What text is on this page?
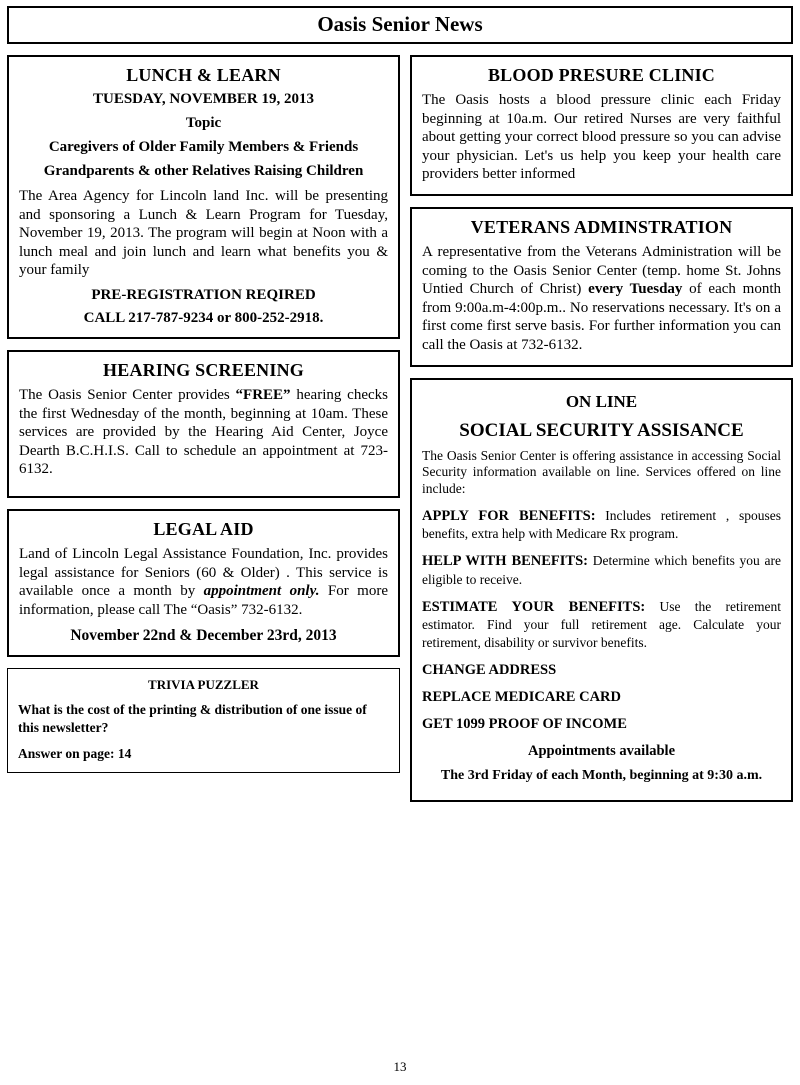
Oasis Senior News
LUNCH & LEARN
TUESDAY, NOVEMBER 19, 2013
Topic
Caregivers of Older Family Members & Friends
Grandparents & other Relatives Raising Children

The Area Agency for Lincoln land Inc. will be presenting and sponsoring a Lunch & Learn Program for Tuesday, November 19, 2013. The program will begin at Noon with a lunch meal and join lunch and learn what benefits you & your family

PRE-REGISTRATION REQIRED
CALL 217-787-9234 or 800-252-2918.
HEARING SCREENING

The Oasis Senior Center provides “FREE” hearing checks the first Wednesday of the month, beginning at 10am. These services are provided by the Hearing Aid Center, Joyce Dearth B.C.H.I.S. Call to schedule an appointment at 723-6132.

LEGAL AID

Land of Lincoln Legal Assistance Foundation, Inc. provides legal assistance for Seniors (60 & Older) . This service is available once a month by appointment only. For more information, please call The “Oasis” 732-6132.

November 22nd & December 23rd, 2013
TRIVIA PUZZLER

What is the cost of the printing & distribution of one issue of this newsletter?

Answer on page: 14
BLOOD PRESURE CLINIC

The Oasis hosts a blood pressure clinic each Friday beginning at 10a.m. Our retired Nurses are very faithful about getting your correct blood pressure so you can advise your physician. Let's us help you keep your health care providers better informed

VETERANS ADMINSTRATION

A representative from the Veterans Administration will be coming to the Oasis Senior Center (temp. home St. Johns Untied Church of Christ) every Tuesday of each month from 9:00a.m-4:00p.m.. No reservations necessary. It's on a first come first serve basis. For further information you can call the Oasis at 732-6132.

ON LINE
SOCIAL SECURITY ASSISANCE

The Oasis Senior Center is offering assistance in accessing Social Security information available on line. Services offered on line include:

APPLY FOR BENEFITS: Includes retirement , spouses benefits, extra help with Medicare Rx program.

HELP WITH BENEFITS: Determine which benefits you are eligible to receive.

ESTIMATE YOUR BENEFITS: Use the retirement estimator. Find your full retirement age. Calculate your retirement, disability or survivor benefits.

CHANGE ADDRESS

REPLACE MEDICARE CARD

GET 1099 PROOF OF INCOME

Appointments available
The 3rd Friday of each Month, beginning at 9:30 a.m.
13
